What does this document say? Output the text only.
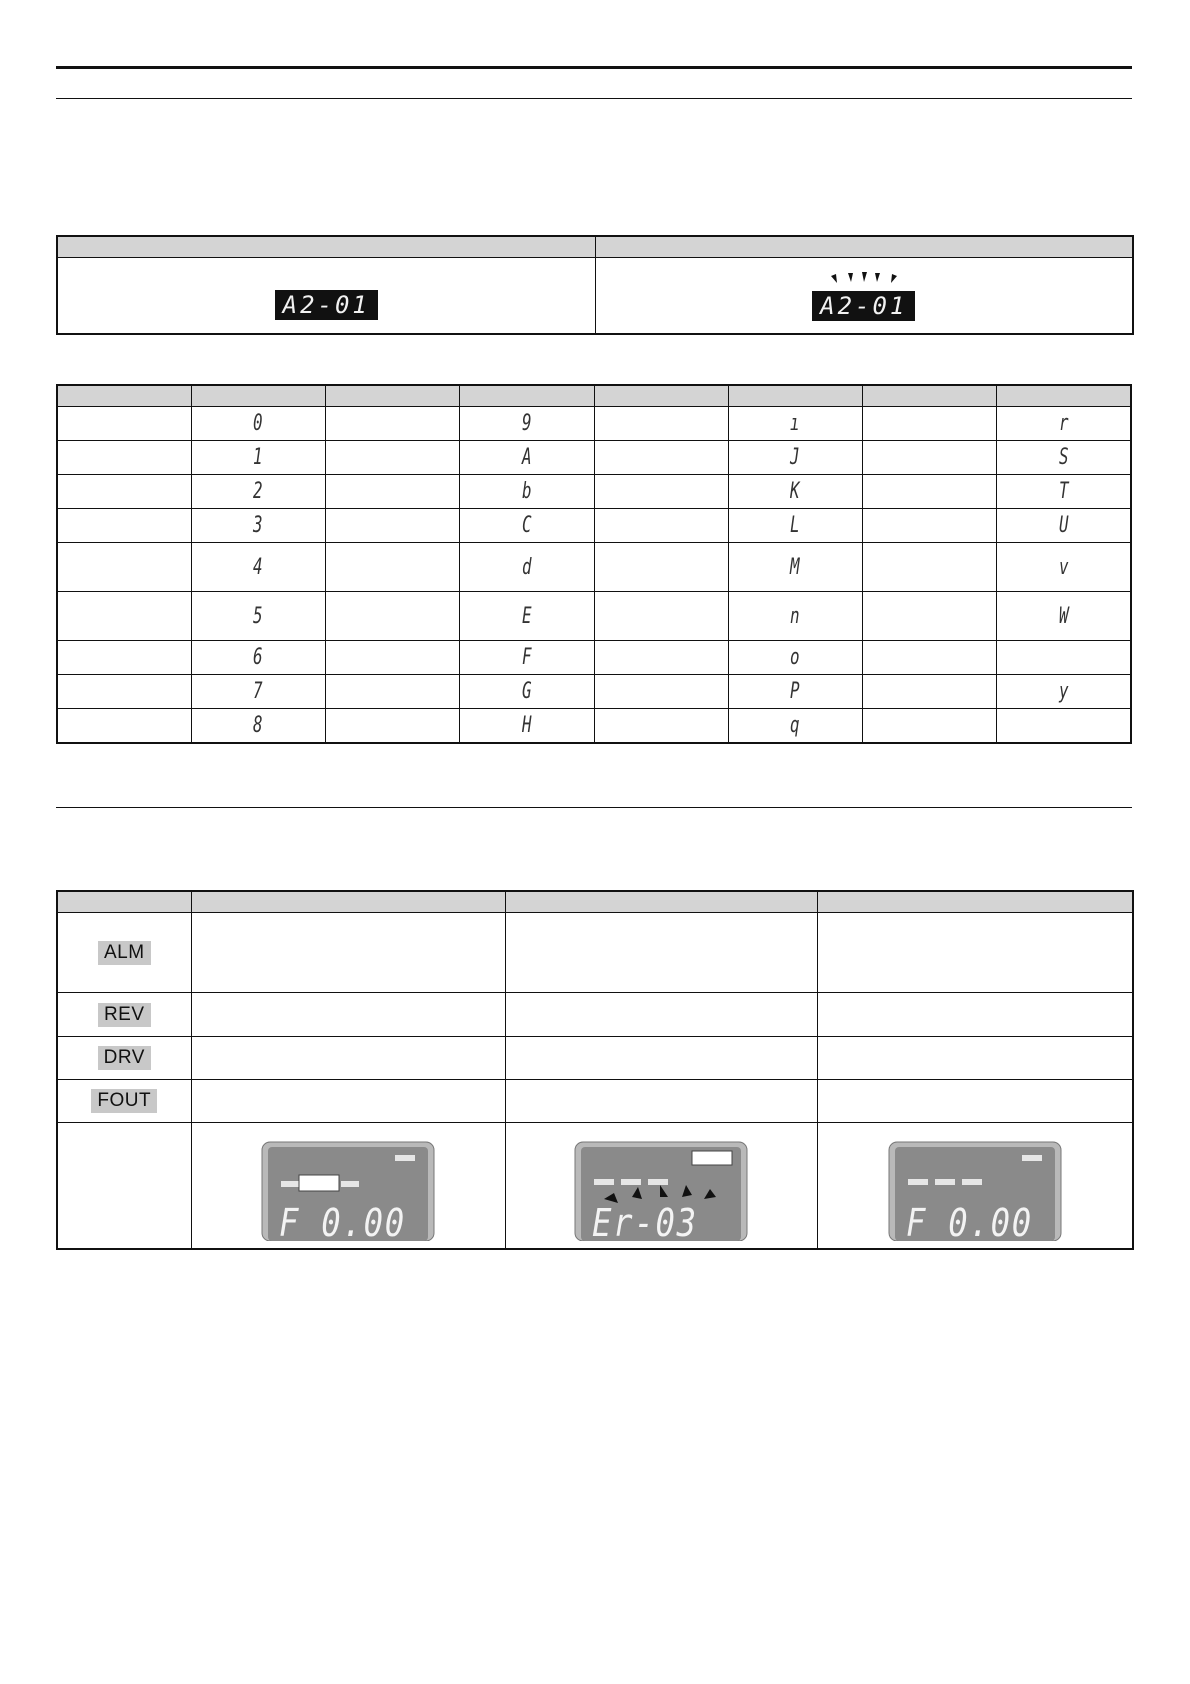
A2-01	A2-01

	0		9		ı		r
	1		A		J		S
	2		b		K		T
	3		C		L		U
	4		d		M		v
	5		E		n		W
	6		F		o		
	7		G		P		y
	8		H		q		

ALM			
REV			
DRV			
FOUT			

	F 0.00	Er-03	F 0.00
